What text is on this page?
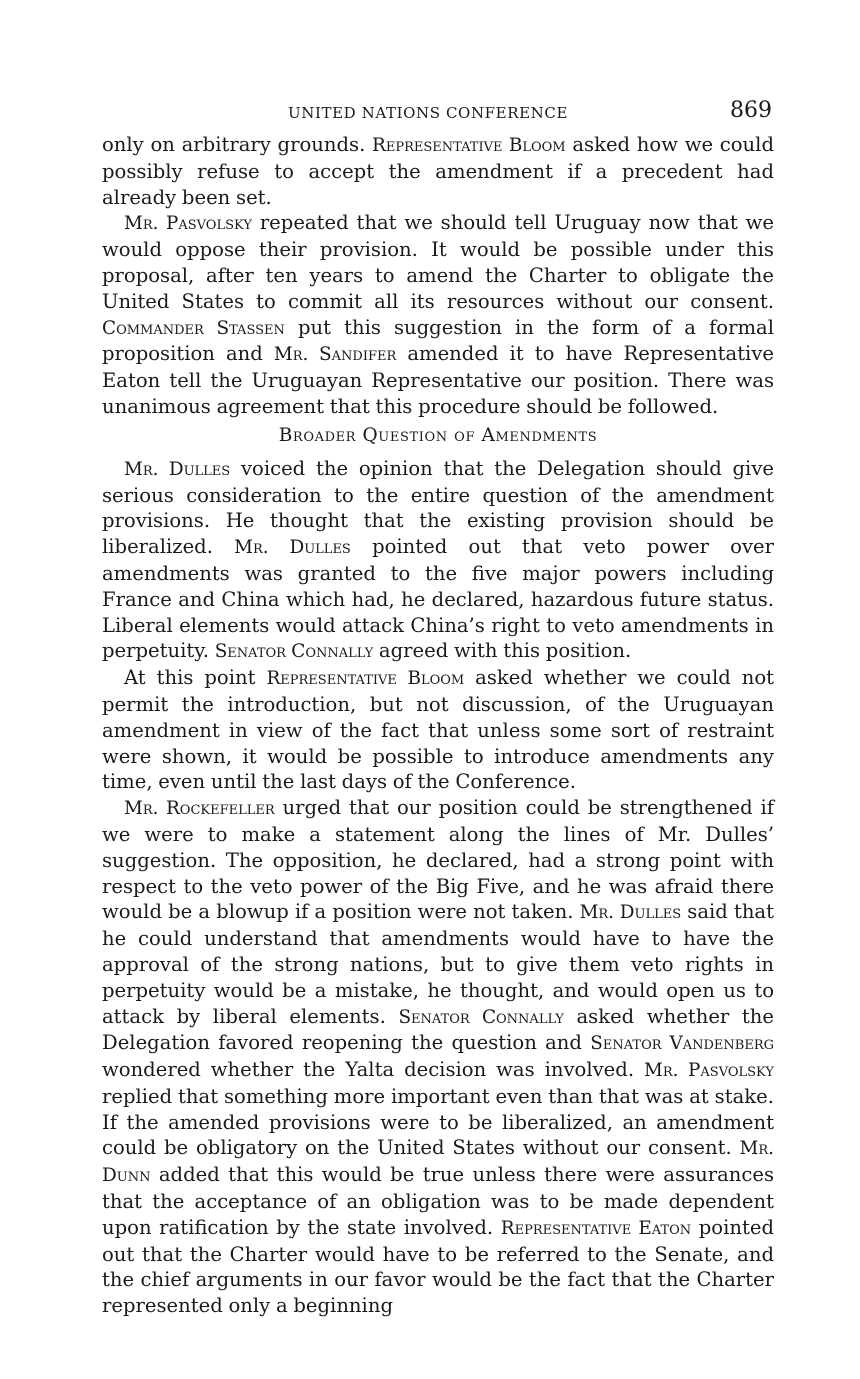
UNITED NATIONS CONFERENCE	869

only on arbitrary grounds. Representative Bloom asked how we could possibly refuse to accept the amendment if a precedent had already been set.

Mr. Pasvolsky repeated that we should tell Uruguay now that we would oppose their provision. It would be possible under this proposal, after ten years to amend the Charter to obligate the United States to commit all its resources without our consent. Commander Stassen put this suggestion in the form of a formal proposition and Mr. Sandifer amended it to have Representative Eaton tell the Uruguayan Representative our position. There was unanimous agreement that this procedure should be followed.

Broader Question of Amendments

Mr. Dulles voiced the opinion that the Delegation should give serious consideration to the entire question of the amendment provisions. He thought that the existing provision should be liberalized. Mr. Dulles pointed out that veto power over amendments was granted to the five major powers including France and China which had, he declared, hazardous future status. Liberal elements would attack China’s right to veto amendments in perpetuity. Senator Connally agreed with this position.

At this point Representative Bloom asked whether we could not permit the introduction, but not discussion, of the Uruguayan amendment in view of the fact that unless some sort of restraint were shown, it would be possible to introduce amendments any time, even until the last days of the Conference.

Mr. Rockefeller urged that our position could be strengthened if we were to make a statement along the lines of Mr. Dulles’ suggestion. The opposition, he declared, had a strong point with respect to the veto power of the Big Five, and he was afraid there would be a blowup if a position were not taken. Mr. Dulles said that he could understand that amendments would have to have the approval of the strong nations, but to give them veto rights in perpetuity would be a mistake, he thought, and would open us to attack by liberal elements. Senator Connally asked whether the Delegation favored reopening the question and Senator Vandenberg wondered whether the Yalta decision was involved. Mr. Pasvolsky replied that something more important even than that was at stake. If the amended provisions were to be liberalized, an amendment could be obligatory on the United States without our consent. Mr. Dunn added that this would be true unless there were assurances that the acceptance of an obligation was to be made dependent upon ratification by the state involved. Representative Eaton pointed out that the Charter would have to be referred to the Senate, and the chief arguments in our favor would be the fact that the Charter represented only a beginning
